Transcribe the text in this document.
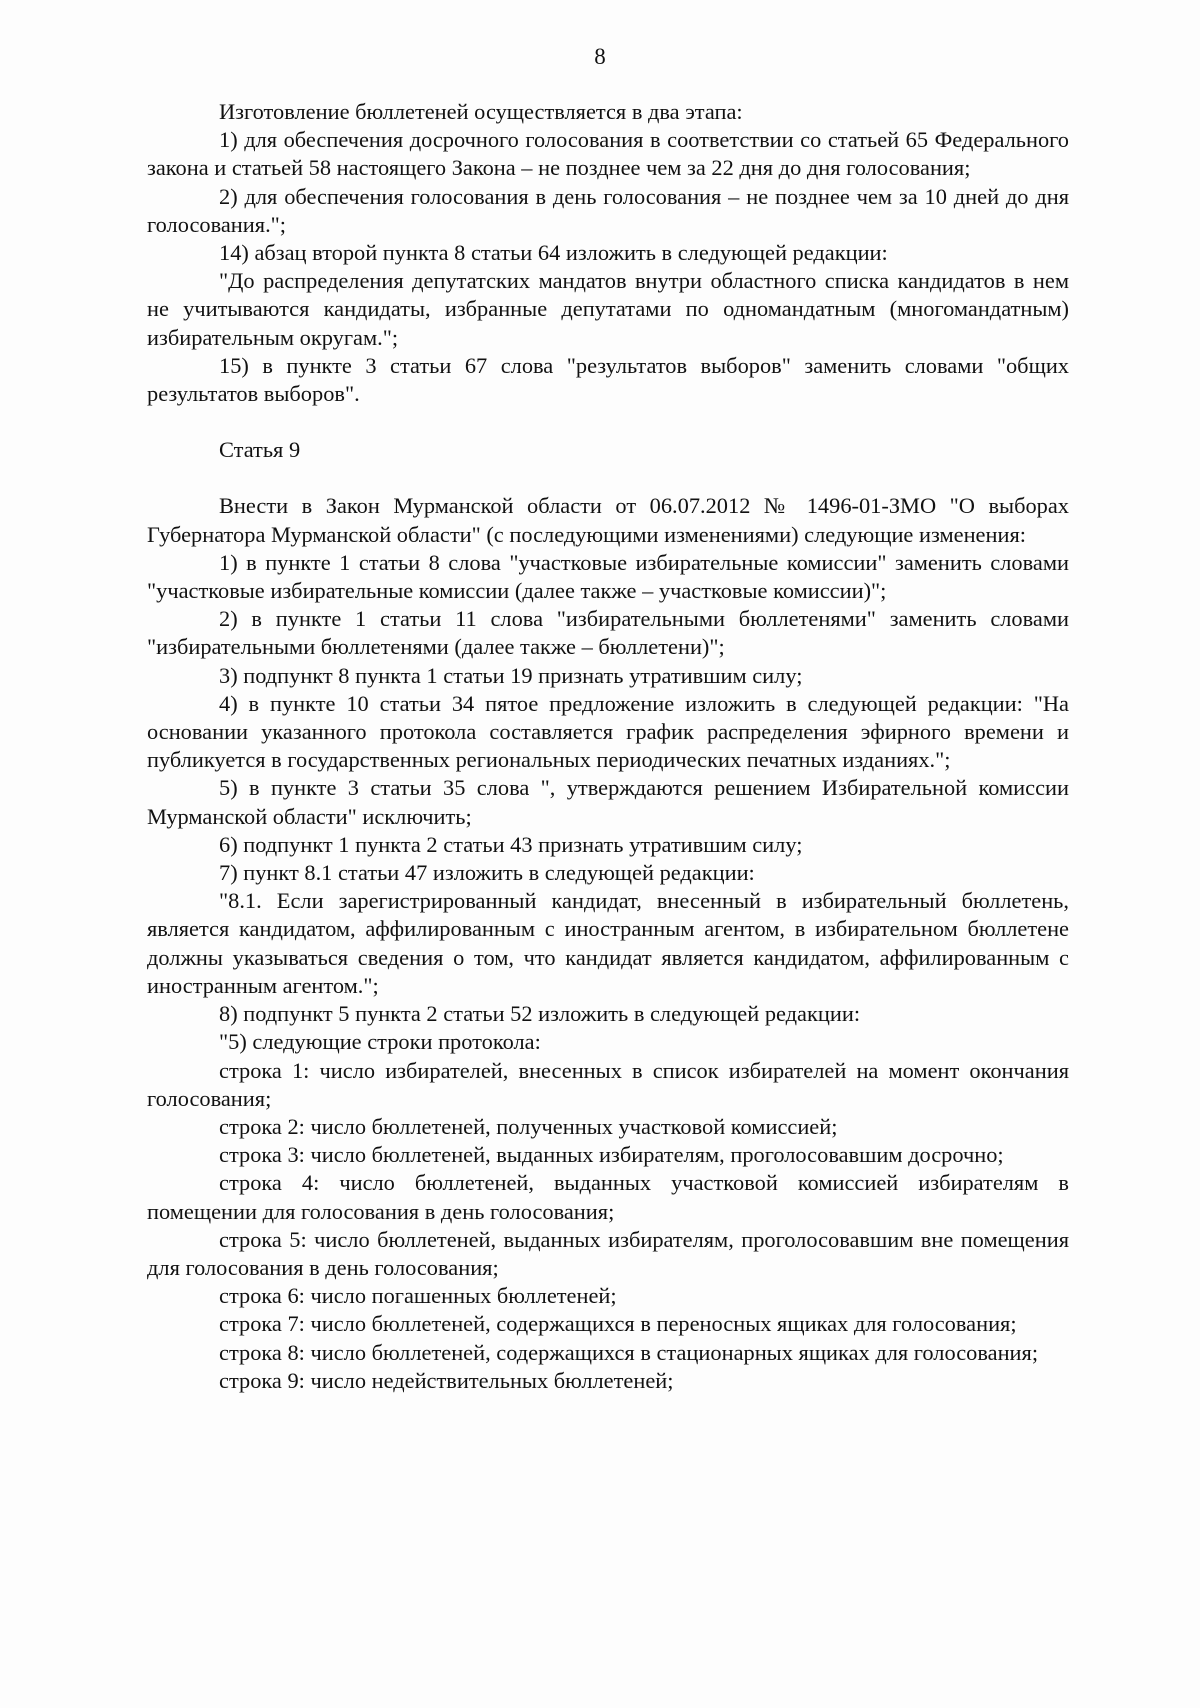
8

Изготовление бюллетеней осуществляется в два этапа:

1) для обеспечения досрочного голосования в соответствии со статьей 65 Федерального закона и статьей 58 настоящего Закона – не позднее чем за 22 дня до дня голосования;

2) для обеспечения голосования в день голосования – не позднее чем за 10 дней до дня голосования.";

14) абзац второй пункта 8 статьи 64 изложить в следующей редакции:

"До распределения депутатских мандатов внутри областного списка кандидатов в нем не учитываются кандидаты, избранные депутатами по одномандатным (многомандатным) избирательным округам.";

15) в пункте 3 статьи 67 слова "результатов выборов" заменить словами "общих результатов выборов".

Статья 9

Внести в Закон Мурманской области от 06.07.2012 № 1496-01-ЗМО "О выборах Губернатора Мурманской области" (с последующими изменениями) следующие изменения:

1) в пункте 1 статьи 8 слова "участковые избирательные комиссии" заменить словами "участковые избирательные комиссии (далее также – участковые комиссии)";

2) в пункте 1 статьи 11 слова "избирательными бюллетенями" заменить словами "избирательными бюллетенями (далее также – бюллетени)";

3) подпункт 8 пункта 1 статьи 19 признать утратившим силу;

4) в пункте 10 статьи 34 пятое предложение изложить в следующей редакции: "На основании указанного протокола составляется график распределения эфирного времени и публикуется в государственных региональных периодических печатных изданиях.";

5) в пункте 3 статьи 35 слова ", утверждаются решением Избирательной комиссии Мурманской области" исключить;

6) подпункт 1 пункта 2 статьи 43 признать утратившим силу;

7) пункт 8.1 статьи 47 изложить в следующей редакции:

"8.1. Если зарегистрированный кандидат, внесенный в избирательный бюллетень, является кандидатом, аффилированным с иностранным агентом, в избирательном бюллетене должны указываться сведения о том, что кандидат является кандидатом, аффилированным с иностранным агентом.";

8) подпункт 5 пункта 2 статьи 52 изложить в следующей редакции:

"5) следующие строки протокола:

строка 1: число избирателей, внесенных в список избирателей на момент окончания голосования;

строка 2: число бюллетеней, полученных участковой комиссией;

строка 3: число бюллетеней, выданных избирателям, проголосовавшим досрочно;

строка 4: число бюллетеней, выданных участковой комиссией избирателям в помещении для голосования в день голосования;

строка 5: число бюллетеней, выданных избирателям, проголосовавшим вне помещения для голосования в день голосования;

строка 6: число погашенных бюллетеней;

строка 7: число бюллетеней, содержащихся в переносных ящиках для голосования;

строка 8: число бюллетеней, содержащихся в стационарных ящиках для голосования;

строка 9: число недействительных бюллетеней;
